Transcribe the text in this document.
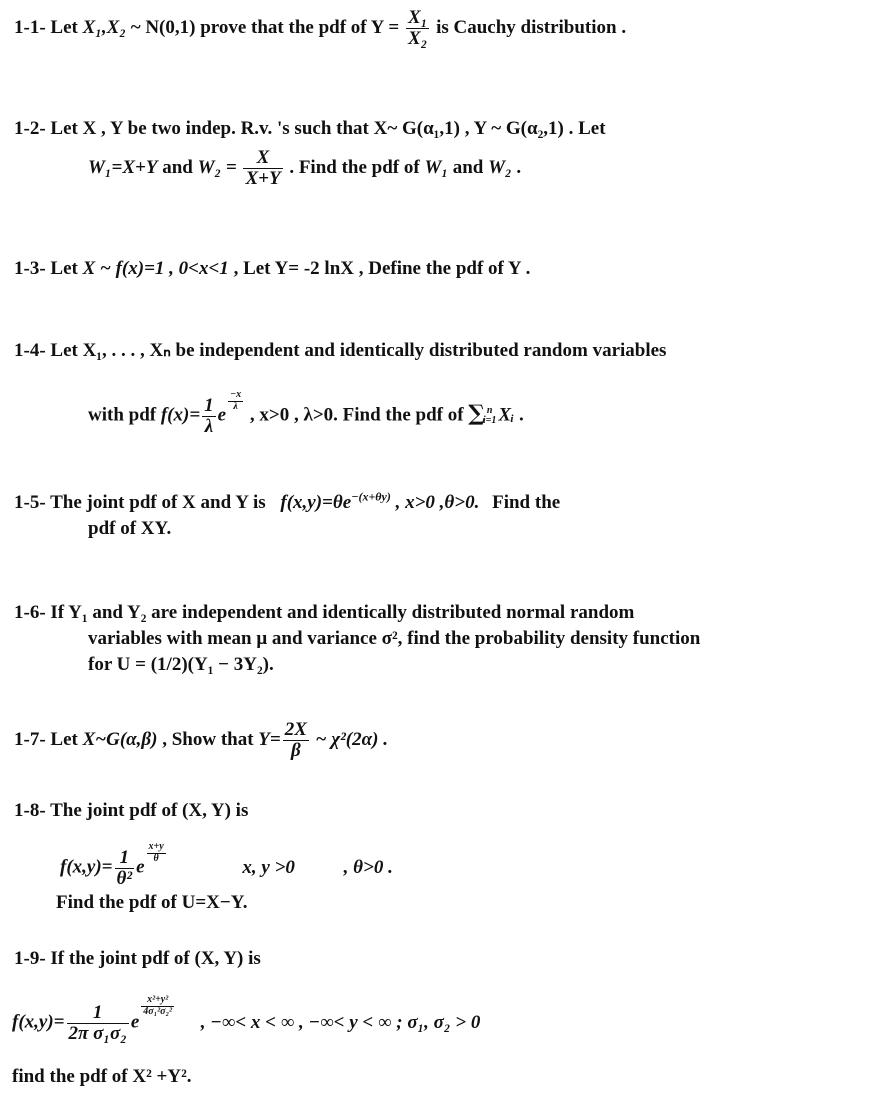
1-1- Let X₁,X₂ ~ N(0,1) prove that the pdf of $Y = \frac{\text{X₁}}{\text{X₂}}$ is Cauchy distribution .
1-2- Let X , Y be two indep. R.v. 's such that X~ G(α₁,1) , Y ~ G(α₂,1) . Let
W₁=X+Y and $W_2 = \frac{X}{X+Y}$ . Find the pdf of W₁ and W₂ .
1-3- Let X ~ f(x)=1 , 0<x<1 , Let Y= -2 lnX , Define the pdf of Y .
1-4- Let X₁, . . . , Xₙ be independent and identically distributed random variables
with pdf $f(x)= \frac{1}{\lambda}$ e
$\frac{-x}{\lambda}$
, x>0 , λ>0. Find the pdf of ∑ n
i=1 Xᵢ .
1-5- The joint pdf of X and Y is $f(x,y)=\theta e^{-(x+\theta y)}$ , x>0 ,θ>0. Find the
pdf of XY.
1-6- If Y₁ and Y₂ are independent and identically distributed normal random
variables with mean μ and variance σ², find the probability density function
for U = (1/2)(Y₁ − 3Y₂).
1-7- Let X~G(α,β) , Show that $Y= \frac{2X}{\beta}$ ~ χ²(2α) .
1-8- The joint pdf of (X, Y) is
$f(x,y)= \frac{1}{\text{θ²}}$ e
$\frac{x+y}{\theta}$
x, y >0	, θ>0 .
Find the pdf of U=X−Y.
1-9- If the joint pdf of (X, Y) is
$f(x,y)= \frac{1}{\text{2π σ₁σ₂}}$ e
$\frac{\text{x²+y²}}{\text{4σ₁²σ₂²}}$
, −∞< x < ∞ , −∞< y < ∞ ; σ₁, σ₂ > 0
find the pdf of X² +Y².
